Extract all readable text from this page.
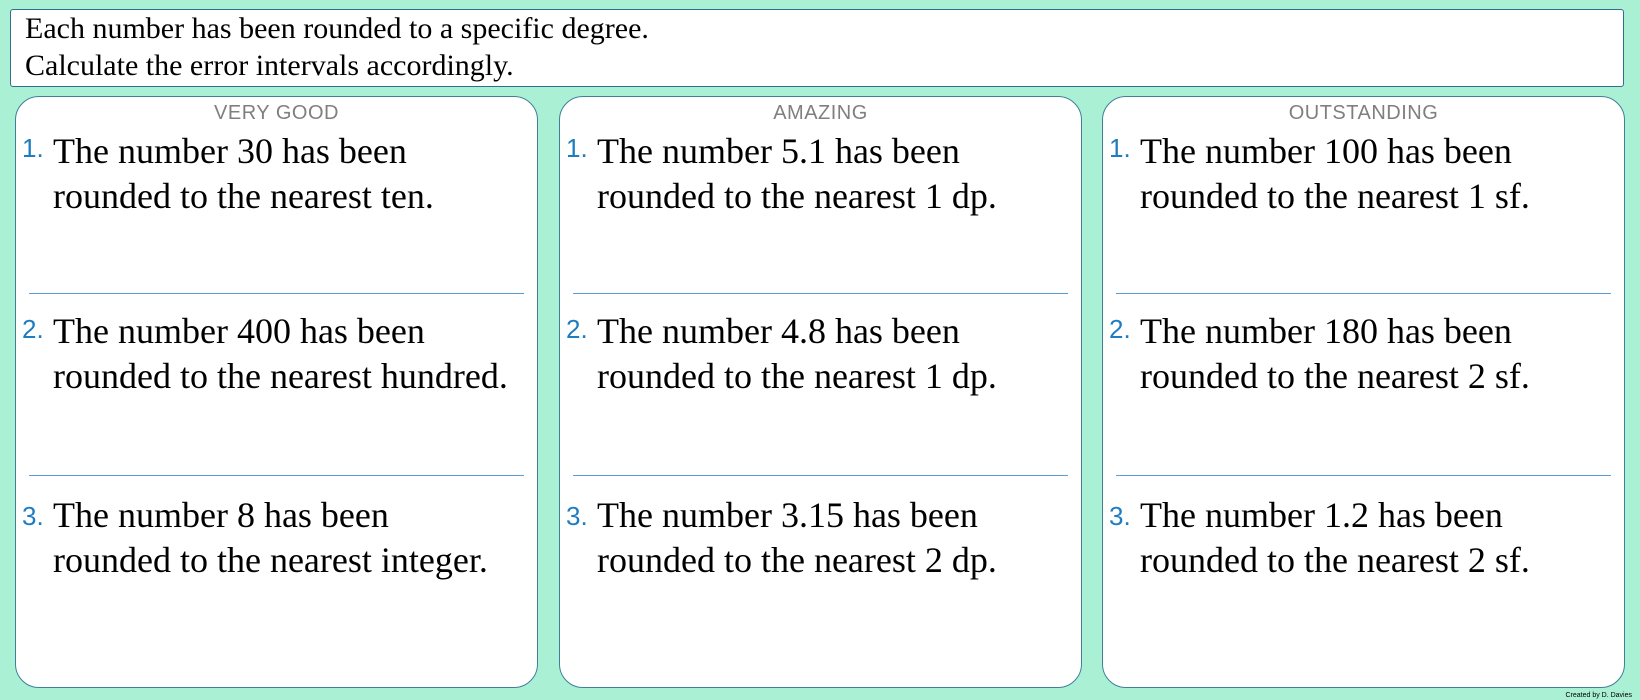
Each number has been rounded to a specific degree.
Calculate the error intervals accordingly.
VERY GOOD
1. The number 30 has been
rounded to the nearest ten.
2. The number 400 has been
rounded to the nearest hundred.
3. The number 8 has been
rounded to the nearest integer.
AMAZING
1. The number 5.1 has been
rounded to the nearest 1 dp.
2. The number 4.8 has been
rounded to the nearest 1 dp.
3. The number 3.15 has been
rounded to the nearest 2 dp.
OUTSTANDING
1. The number 100 has been
rounded to the nearest 1 sf.
2. The number 180 has been
rounded to the nearest 2 sf.
3. The number 1.2 has been
rounded to the nearest 2 sf.
Created by D. Davies
